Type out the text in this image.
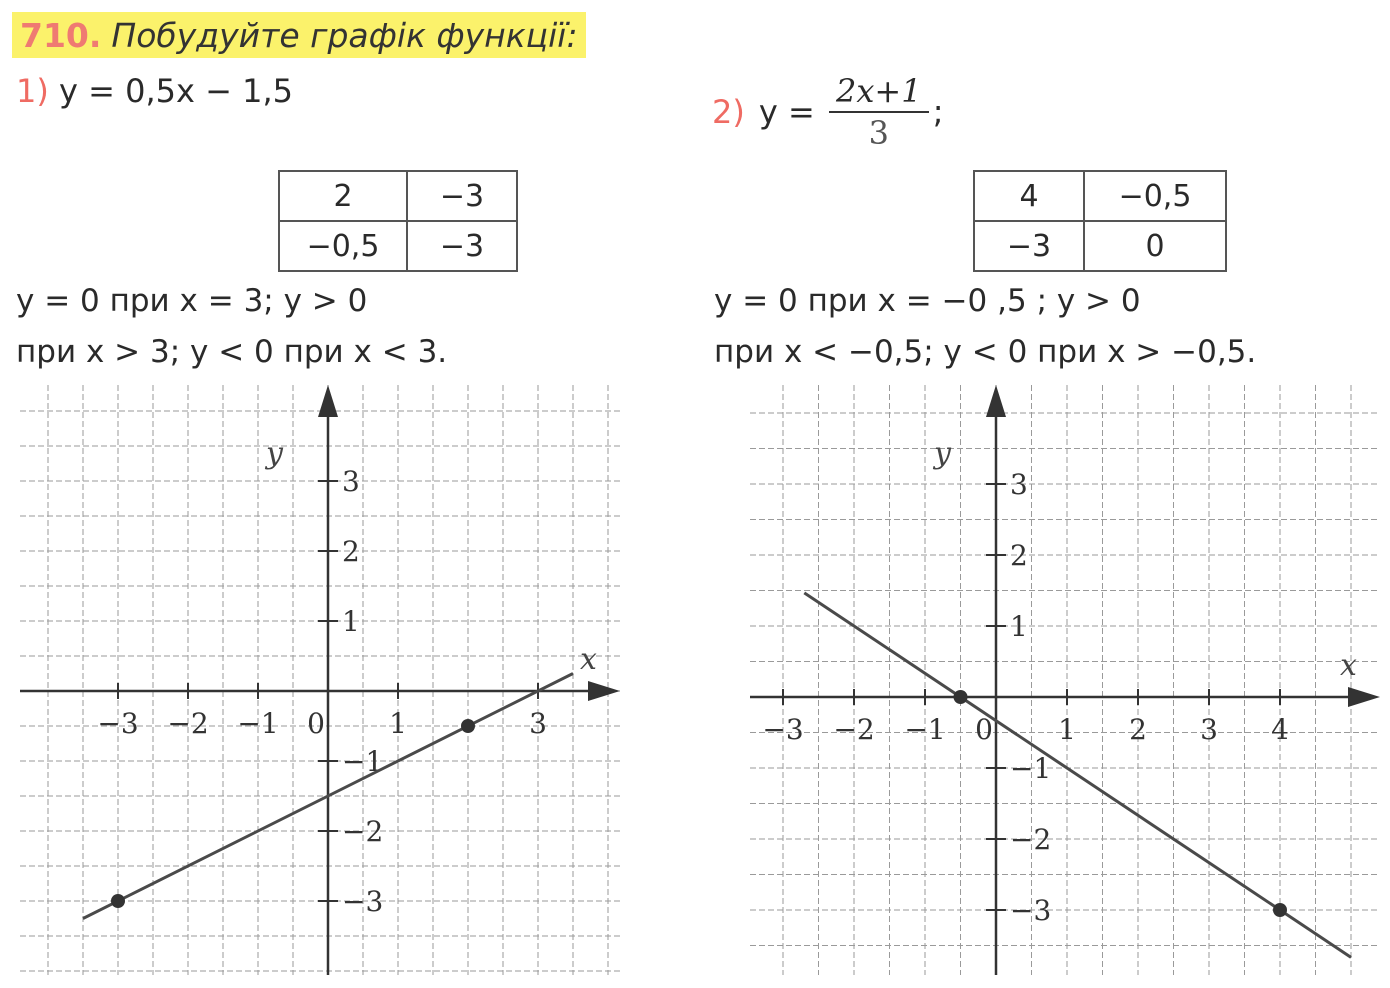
710. Побудуйте графік функції:
1) y = 0,5x − 1,5
2) $y = \frac{2x+1}{3}$ ;
2	−3
−0,5	−3
4	−0,5
−3	0
y = 0 при x = 3; y > 0
при x > 3; y < 0 при x < 3.
y = 0 при x = −0 ,5 ; y > 0
при x < −0,5; y < 0 при x > −0,5.
−3 −2 −1 0 1	3
−3
−2
−1
1
2
3
x
y
−3 −2 −1 0 1 2 3 4
−3
−2
−1
1
2
3
x
y
